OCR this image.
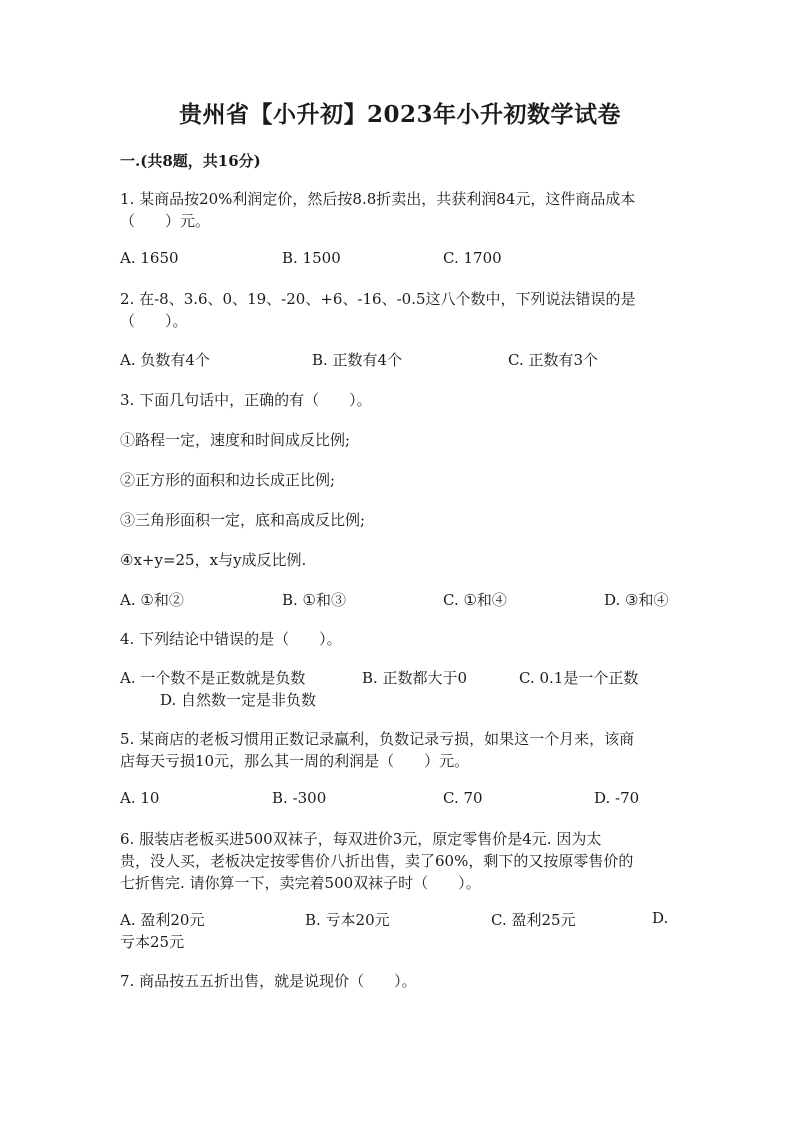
贵州省【小升初】2023年小升初数学试卷
一.(共8题，共16分)
1. 某商品按20%利润定价，然后按8.8折卖出，共获利润84元，这件商品成本
（　　）元。
A. 1650	B. 1500	C. 1700
2. 在-8、3.6、0、19、-20、+6、-16、-0.5这八个数中，下列说法错误的是
（　　）。
A. 负数有4个	B. 正数有4个	C. 正数有3个
3. 下面几句话中，正确的有（　　）。
①路程一定，速度和时间成反比例;
②正方形的面积和边长成正比例;
③三角形面积一定，底和高成反比例;
④x+y=25，x与y成反比例.
A. ①和②	B. ①和③	C. ①和④	D. ③和④
4. 下列结论中错误的是（　　）。
A. 一个数不是正数就是负数	B. 正数都大于0	C. 0.1是一个正数
D. 自然数一定是非负数
5. 某商店的老板习惯用正数记录赢利，负数记录亏损，如果这一个月来，该商
店每天亏损10元，那么其一周的利润是（　　）元。
A. 10	B. -300	C. 70	D. -70
6. 服装店老板买进500双袜子，每双进价3元，原定零售价是4元. 因为太
贵，没人买，老板决定按零售价八折出售，卖了60%，剩下的又按原零售价的
七折售完. 请你算一下，卖完着500双袜子时（　　）。
A. 盈利20元	B. 亏本20元	C. 盈利25元	D.
亏本25元
7. 商品按五五折出售，就是说现价（　　）。
